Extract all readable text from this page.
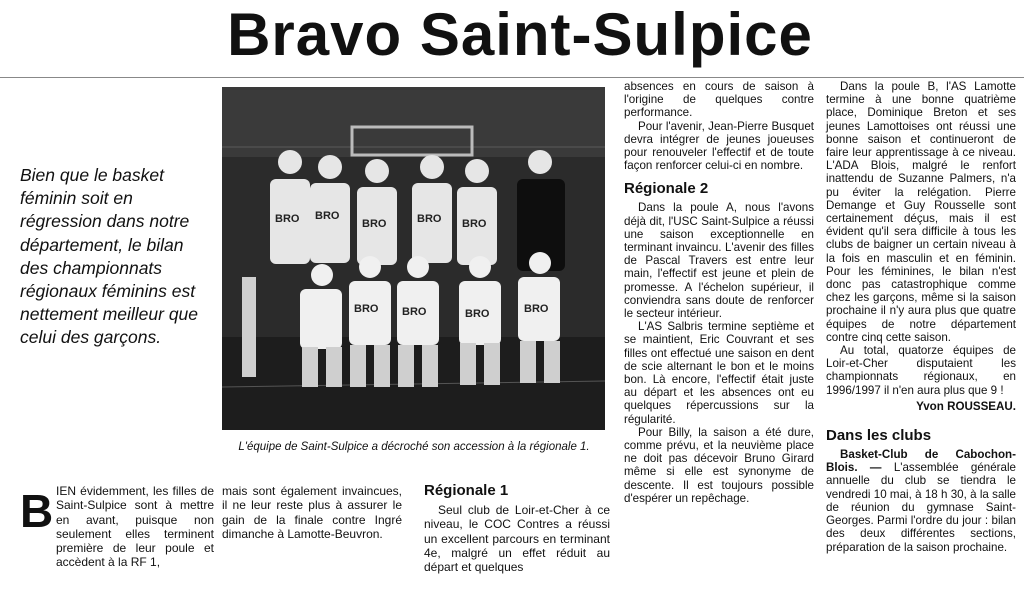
Bravo Saint-Sulpice
Bien que le basket féminin soit en régression dans notre département, le bilan des championnats régionaux féminins est nettement meilleur que celui des garçons.
BRO BRO
BRO	BRO BRO
BRO BRO	BRO	BRO
L'équipe de Saint-Sulpice a décroché son accession à la régionale 1.
B IEN évidemment, les filles de Saint-Sulpice sont à mettre en avant, puisque non seulement elles terminent première de leur poule et accèdent à la RF 1,

mais sont également invaincues, il ne leur reste plus à assurer le gain de la finale contre Ingré dimanche à Lamotte-Beuvron.

Régionale 1

Seul club de Loir-et-Cher à ce niveau, le COC Contres a réussi un excellent parcours en terminant 4e, malgré un effet réduit au départ et quelques

absences en cours de saison à l'origine de quelques contre performance.

Pour l'avenir, Jean-Pierre Busquet devra intégrer de jeunes joueuses pour renouveler l'effectif et de toute façon renforcer celui-ci en nombre.

Régionale 2

Dans la poule A, nous l'avons déjà dit, l'USC Saint-Sulpice a réussi une saison exceptionnelle en terminant invaincu. L'avenir des filles de Pascal Travers est entre leur main, l'effectif est jeune et plein de promesse. A l'échelon supérieur, il conviendra sans doute de renforcer le secteur intérieur.

L'AS Salbris termine septième et se maintient, Eric Couvrant et ses filles ont effectué une saison en dent de scie alternant le bon et le moins bon. Là encore, l'effectif était juste au départ et les absences ont eu quelques répercussions sur la régularité.

Pour Billy, la saison a été dure, comme prévu, et la neuvième place ne doit pas décevoir Bruno Girard même si elle est synonyme de descente. Il est toujours possible d'espérer un repêchage.

Dans la poule B, l'AS Lamotte termine à une bonne quatrième place, Dominique Breton et ses jeunes Lamottoises ont réussi une bonne saison et continueront de faire leur apprentissage à ce niveau. L'ADA Blois, malgré le renfort inattendu de Suzanne Palmers, n'a pu éviter la relégation. Pierre Demange et Guy Rousselle sont certainement déçus, mais il est évident qu'il sera difficile à tous les clubs de baigner un certain niveau à la fois en masculin et en féminin. Pour les féminines, le bilan n'est donc pas catastrophique comme chez les garçons, même si la saison prochaine il n'y aura plus que quatre équipes de notre département contre cinq cette saison.

Au total, quatorze équipes de Loir-et-Cher disputaient les championnats régionaux, en 1996/1997 il n'en aura plus que 9 !

Yvon ROUSSEAU.

Dans les clubs

Basket-Club de Cabochon-Blois. — L'assemblée générale annuelle du club se tiendra le vendredi 10 mai, à 18 h 30, à la salle de réunion du gymnase Saint-Georges. Parmi l'ordre du jour : bilan des deux différentes sections, préparation de la saison prochaine.
